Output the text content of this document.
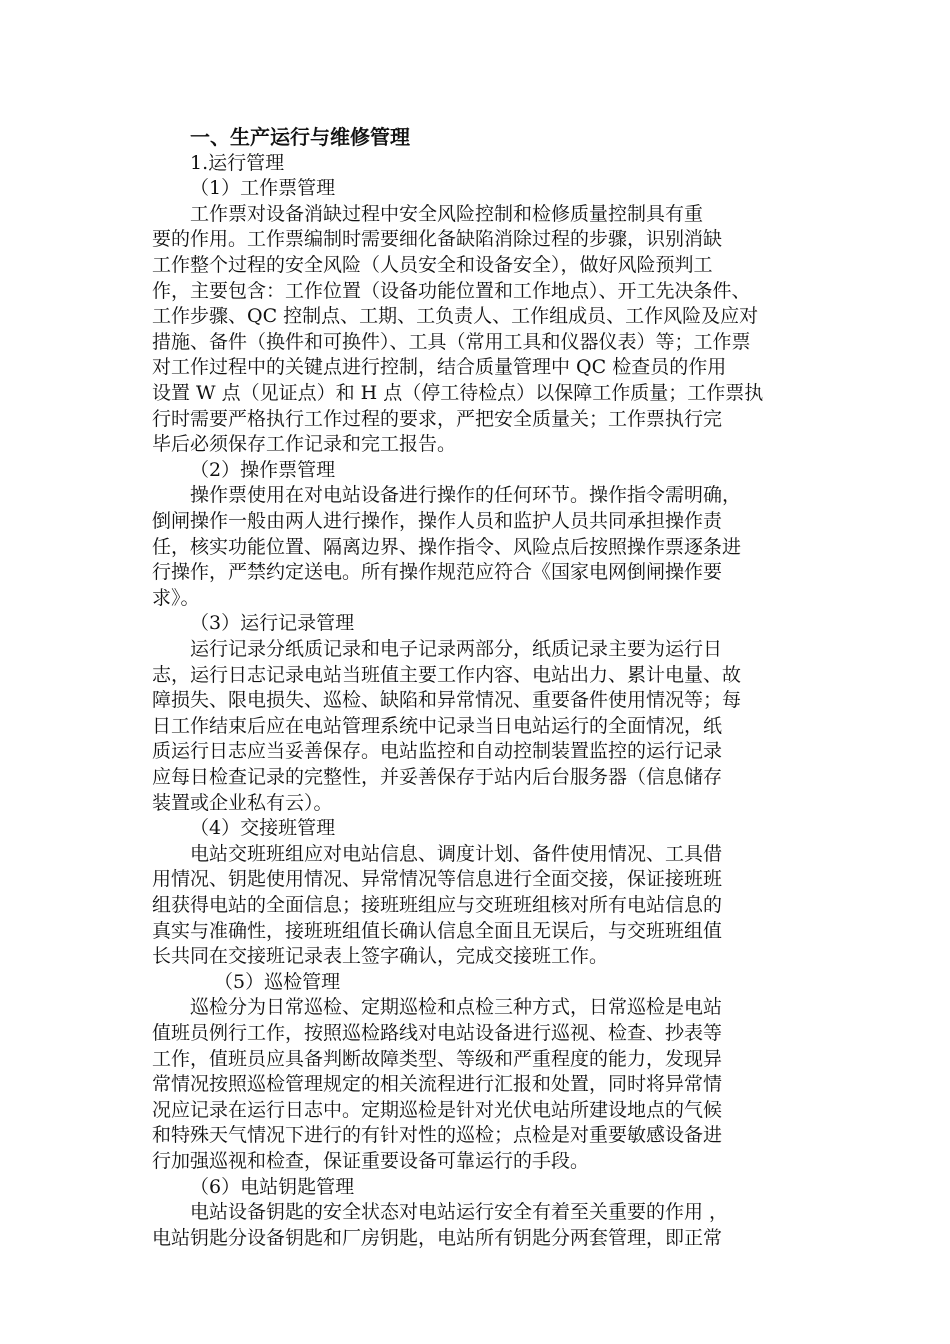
一、生产运行与维修管理
1.运行管理
（1）工作票管理
工作票对设备消缺过程中安全风险控制和检修质量控制具有重
要的作用。工作票编制时需要细化备缺陷消除过程的步骤，识别消缺
工作整个过程的安全风险（人员安全和设备安全），做好风险预判工
作，主要包含：工作位置（设备功能位置和工作地点）、开工先决条件、
工作步骤、QC 控制点、工期、工负责人、工作组成员、工作风险及应对
措施、备件（换件和可换件）、工具（常用工具和仪器仪表）等；工作票
对工作过程中的关键点进行控制，结合质量管理中 QC 检查员的作用
设置 W 点（见证点）和 H 点（停工待检点）以保障工作质量；工作票执
行时需要严格执行工作过程的要求，严把安全质量关；工作票执行完
毕后必须保存工作记录和完工报告。
（2）操作票管理
操作票使用在对电站设备进行操作的任何环节。操作指令需明确，
倒闸操作一般由两人进行操作，操作人员和监护人员共同承担操作责
任，核实功能位置、隔离边界、操作指令、风险点后按照操作票逐条进
行操作，严禁约定送电。所有操作规范应符合《国家电网倒闸操作要
求》。
（3）运行记录管理
运行记录分纸质记录和电子记录两部分，纸质记录主要为运行日
志，运行日志记录电站当班值主要工作内容、电站出力、累计电量、故
障损失、限电损失、巡检、缺陷和异常情况、重要备件使用情况等；每
日工作结束后应在电站管理系统中记录当日电站运行的全面情况，纸
质运行日志应当妥善保存。电站监控和自动控制装置监控的运行记录
应每日检查记录的完整性，并妥善保存于站内后台服务器（信息储存
装置或企业私有云）。
（4）交接班管理
电站交班班组应对电站信息、调度计划、备件使用情况、工具借
用情况、钥匙使用情况、异常情况等信息进行全面交接，保证接班班
组获得电站的全面信息；接班班组应与交班班组核对所有电站信息的
真实与准确性，接班班组值长确认信息全面且无误后，与交班班组值
长共同在交接班记录表上签字确认，完成交接班工作。
（5）巡检管理
巡检分为日常巡检、定期巡检和点检三种方式，日常巡检是电站
值班员例行工作，按照巡检路线对电站设备进行巡视、检查、抄表等
工作，值班员应具备判断故障类型、等级和严重程度的能力，发现异
常情况按照巡检管理规定的相关流程进行汇报和处置，同时将异常情
况应记录在运行日志中。定期巡检是针对光伏电站所建设地点的气候
和特殊天气情况下进行的有针对性的巡检；点检是对重要敏感设备进
行加强巡视和检查，保证重要设备可靠运行的手段。
（6）电站钥匙管理
电站设备钥匙的安全状态对电站运行安全有着至关重要的作用 ，
电站钥匙分设备钥匙和厂房钥匙，电站所有钥匙分两套管理，即正常
